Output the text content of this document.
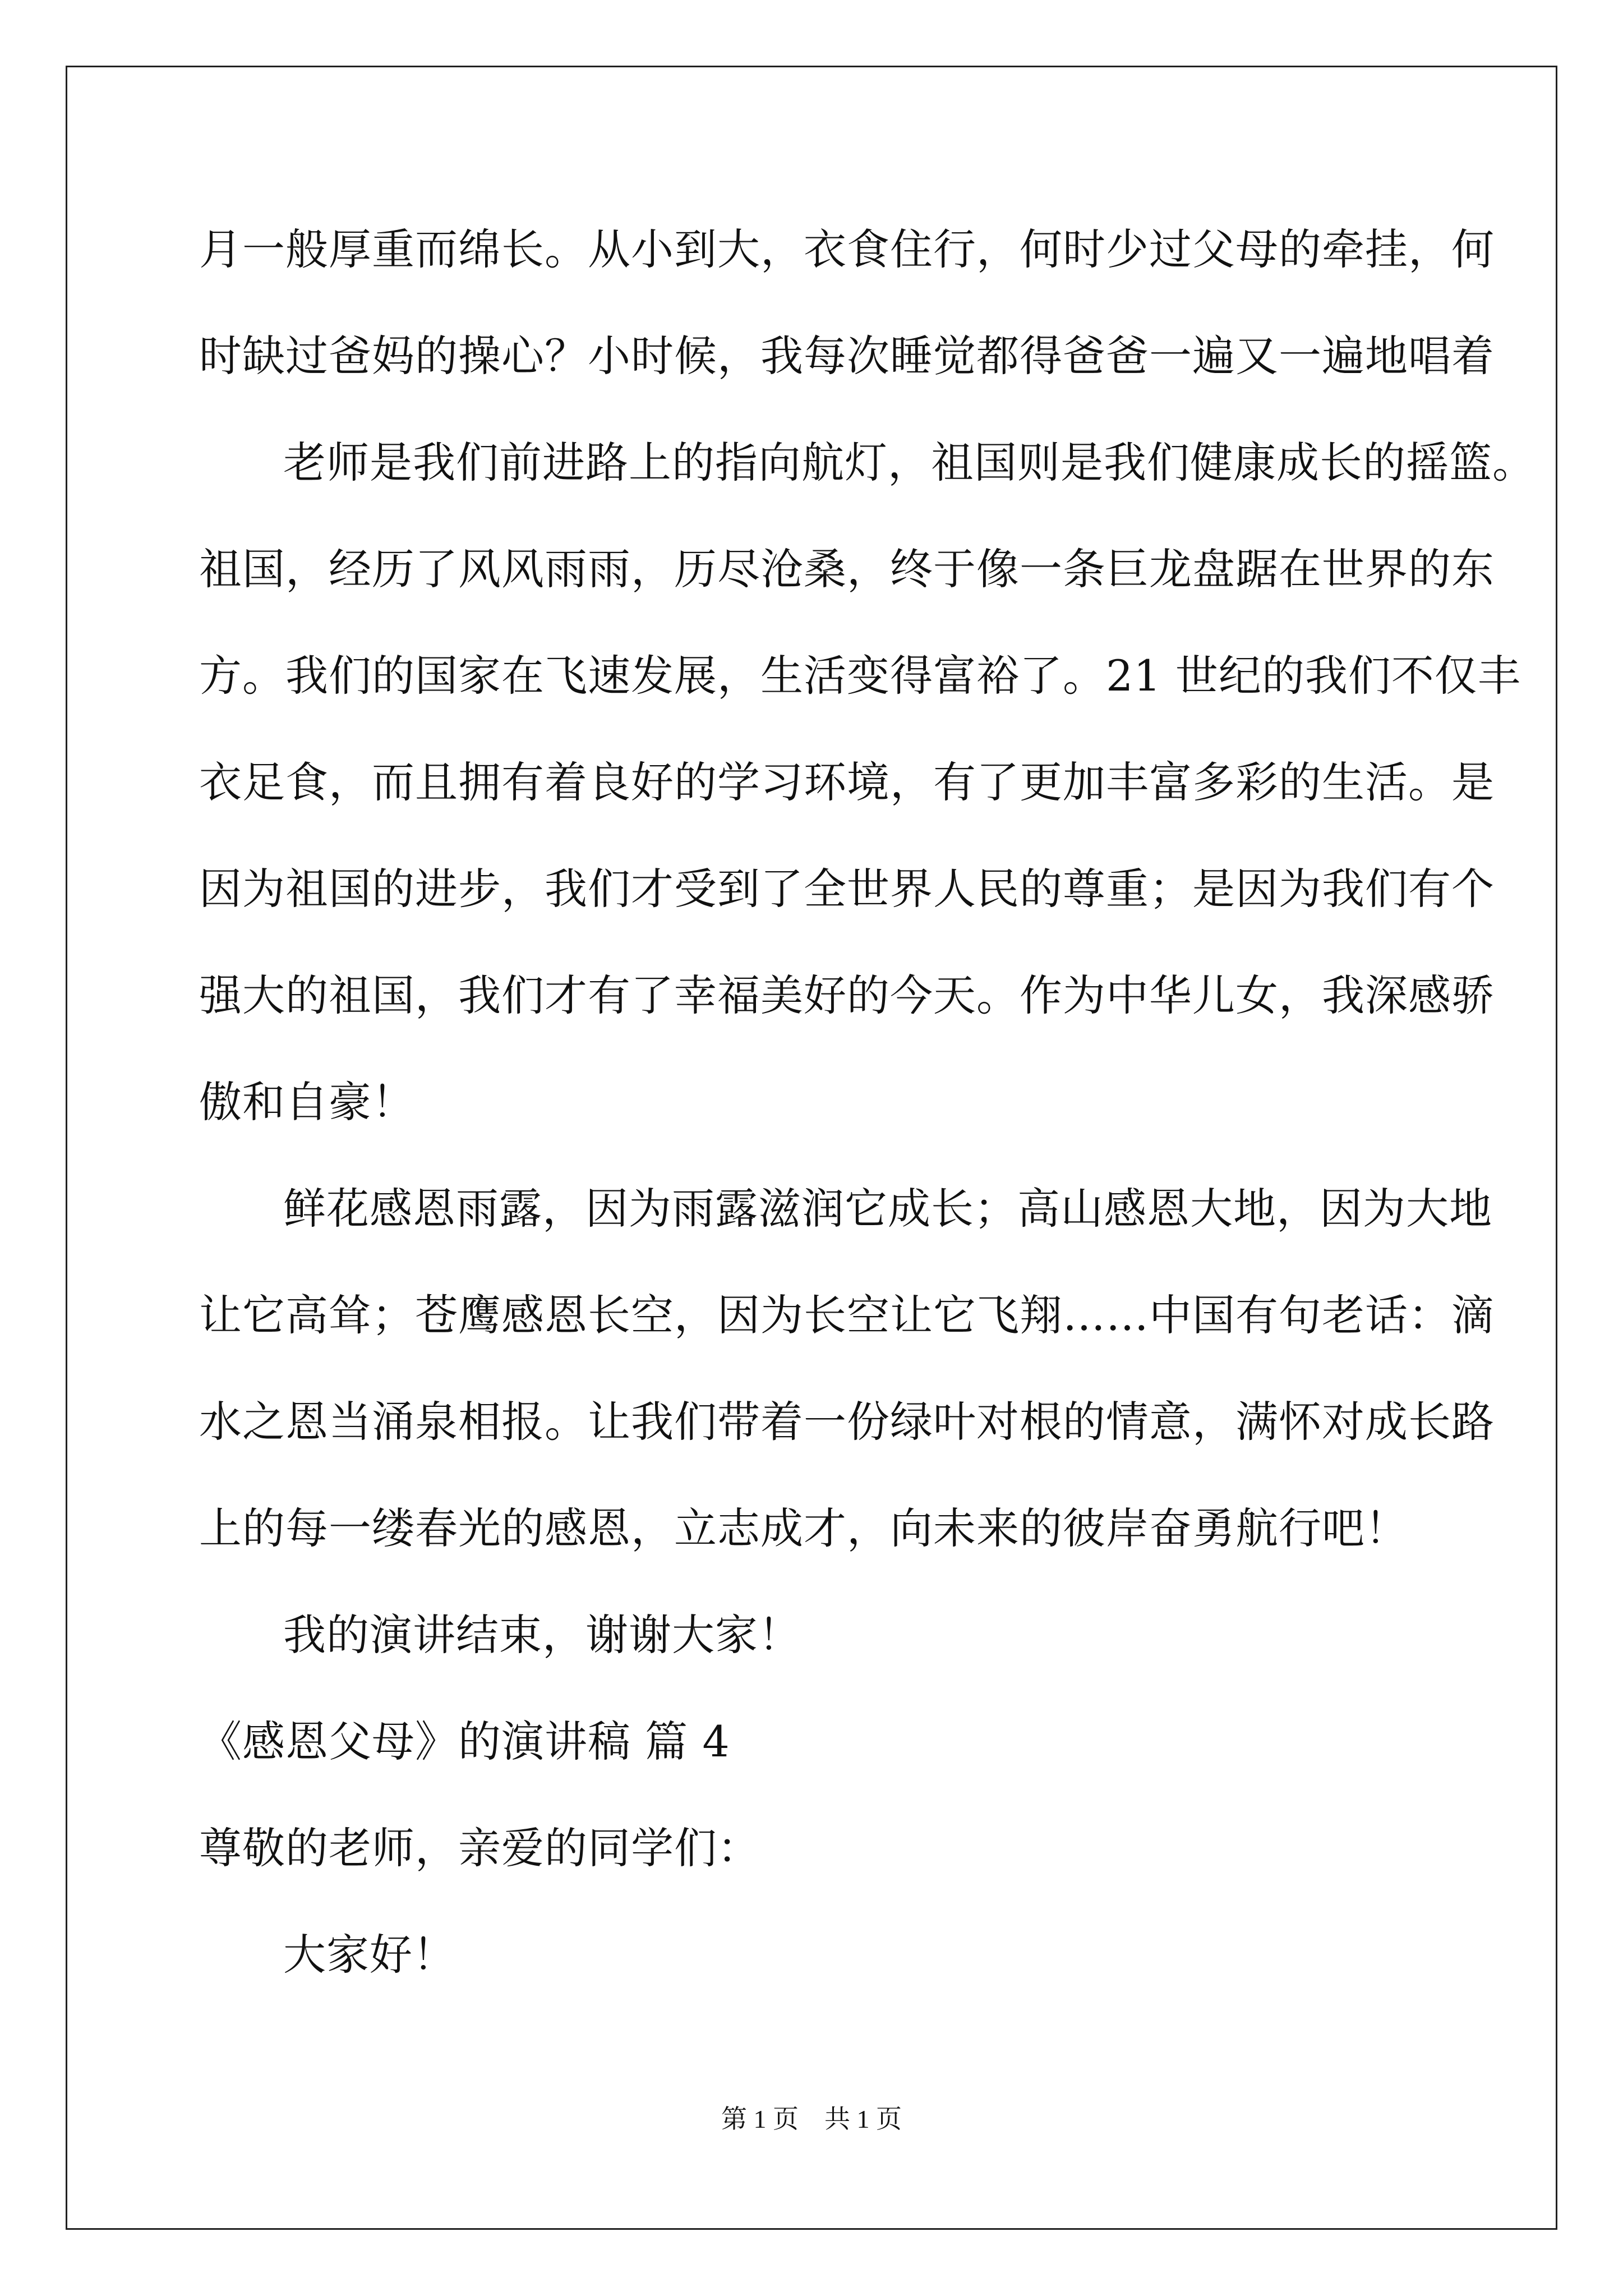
月一般厚重而绵长。从小到大，衣食住行，何时少过父母的牵挂，何
时缺过爸妈的操心？小时候，我每次睡觉都得爸爸一遍又一遍地唱着
老师是我们前进路上的指向航灯，祖国则是我们健康成长的摇篮。
祖国，经历了风风雨雨，历尽沧桑，终于像一条巨龙盘踞在世界的东
方。我们的国家在飞速发展，生活变得富裕了。21 世纪的我们不仅丰
衣足食，而且拥有着良好的学习环境，有了更加丰富多彩的生活。是
因为祖国的进步，我们才受到了全世界人民的尊重；是因为我们有个
强大的祖国，我们才有了幸福美好的今天。作为中华儿女，我深感骄
傲和自豪！
鲜花感恩雨露，因为雨露滋润它成长；高山感恩大地，因为大地
让它高耸；苍鹰感恩长空，因为长空让它飞翔……中国有句老话：滴
水之恩当涌泉相报。让我们带着一份绿叶对根的情意，满怀对成长路
上的每一缕春光的感恩，立志成才，向未来的彼岸奋勇航行吧！
我的演讲结束，谢谢大家！
《感恩父母》的演讲稿 篇 4
尊敬的老师，亲爱的同学们：
大家好！
第 1 页　共 1 页
